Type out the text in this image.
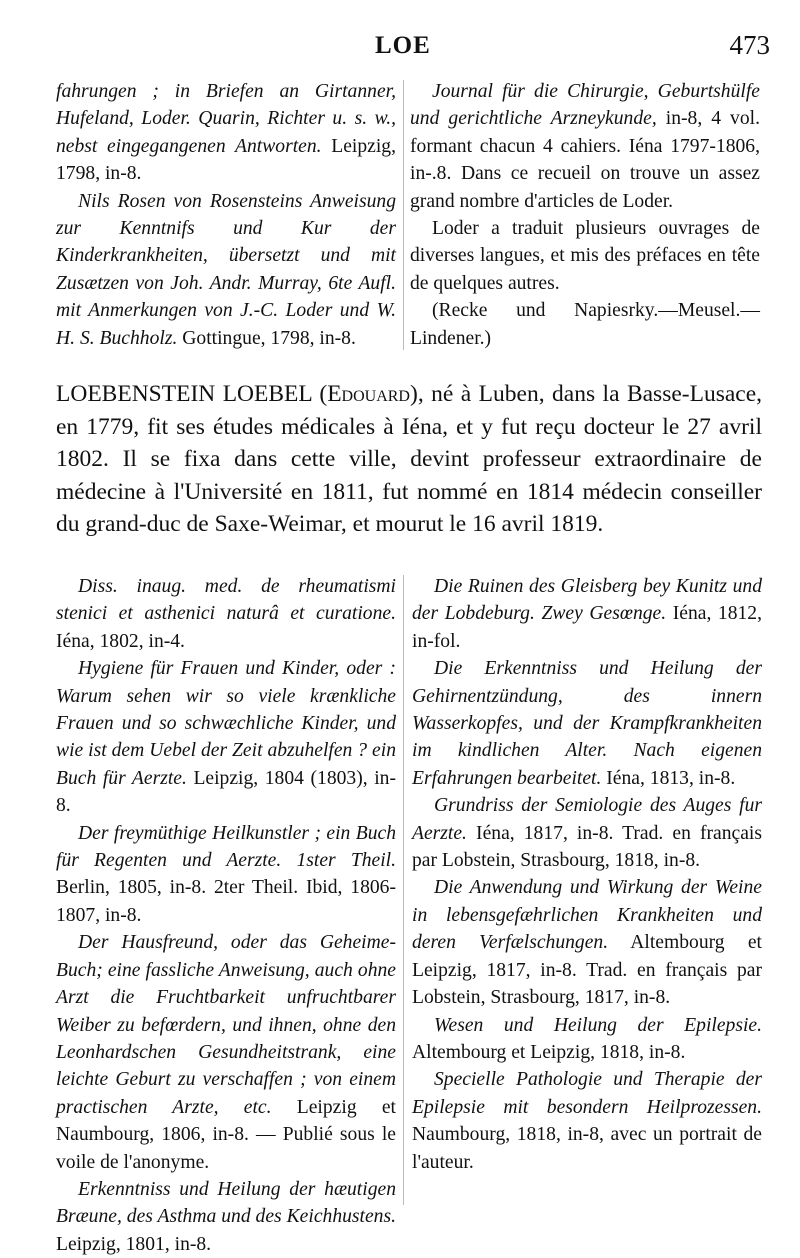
LOE	473

fahrungen ; in Briefen an Girtanner, Hufeland, Loder. Quarin, Richter u. s. w., nebst eingegangenen Antworten. Leipzig, 1798, in-8.

Nils Rosen von Rosensteins Anweisung zur Kenntnifs und Kur der Kinderkrankheiten, übersetzt und mit Zusætzen von Joh. Andr. Murray, 6te Aufl. mit Anmerkungen von J.-C. Loder und W. H. S. Buchholz. Gottingue, 1798, in-8.

Journal für die Chirurgie, Geburtshülfe und gerichtliche Arzneykunde, in-8, 4 vol. formant chacun 4 cahiers. Iéna 1797-1806, in-.8. Dans ce recueil on trouve un assez grand nombre d'articles de Loder.

Loder a traduit plusieurs ouvrages de diverses langues, et mis des préfaces en tête de quelques autres.

(Recke und Napiesrky.—Meusel.—Lindener.)

LOEBENSTEIN LOEBEL (Edouard), né à Luben, dans la Basse-Lusace, en 1779, fit ses études médicales à Iéna, et y fut reçu docteur le 27 avril 1802. Il se fixa dans cette ville, devint professeur extraordinaire de médecine à l'Université en 1811, fut nommé en 1814 médecin conseiller du grand-duc de Saxe-Weimar, et mourut le 16 avril 1819.

Diss. inaug. med. de rheumatismi stenici et asthenici naturâ et curatione. Iéna, 1802, in-4.

Hygiene für Frauen und Kinder, oder : Warum sehen wir so viele krænkliche Frauen und so schwæchliche Kinder, und wie ist dem Uebel der Zeit abzuhelfen ? ein Buch für Aerzte. Leipzig, 1804 (1803), in-8.

Der freymüthige Heilkunstler ; ein Buch für Regenten und Aerzte. 1ster Theil. Berlin, 1805, in-8. 2ter Theil. Ibid, 1806-1807, in-8.

Der Hausfreund, oder das Geheime-Buch; eine fassliche Anweisung, auch ohne Arzt die Fruchtbarkeit unfruchtbarer Weiber zu befœrdern, und ihnen, ohne den Leonhardschen Gesundheitstrank, eine leichte Geburt zu verschaffen ; von einem practischen Arzte, etc. Leipzig et Naumbourg, 1806, in-8. — Publié sous le voile de l'anonyme.

Erkenntniss und Heilung der hæutigen Bræune, des Asthma und des Keichhustens. Leipzig, 1801, in-8.

Die Ruinen des Gleisberg bey Kunitz und der Lobdeburg. Zwey Gesœnge. Iéna, 1812, in-fol.

Die Erkenntniss und Heilung der Gehirnentzündung, des innern Wasserkopfes, und der Krampfkrankheiten im kindlichen Alter. Nach eigenen Erfahrungen bearbeitet. Iéna, 1813, in-8.

Grundriss der Semiologie des Auges fur Aerzte. Iéna, 1817, in-8. Trad. en français par Lobstein, Strasbourg, 1818, in-8.

Die Anwendung und Wirkung der Weine in lebensgefæhrlichen Krankheiten und deren Verfælschungen. Altembourg et Leipzig, 1817, in-8. Trad. en français par Lobstein, Strasbourg, 1817, in-8.

Wesen und Heilung der Epilepsie. Altembourg et Leipzig, 1818, in-8.

Specielle Pathologie und Therapie der Epilepsie mit besondern Heilprozessen. Naumbourg, 1818, in-8, avec un portrait de l'auteur.
